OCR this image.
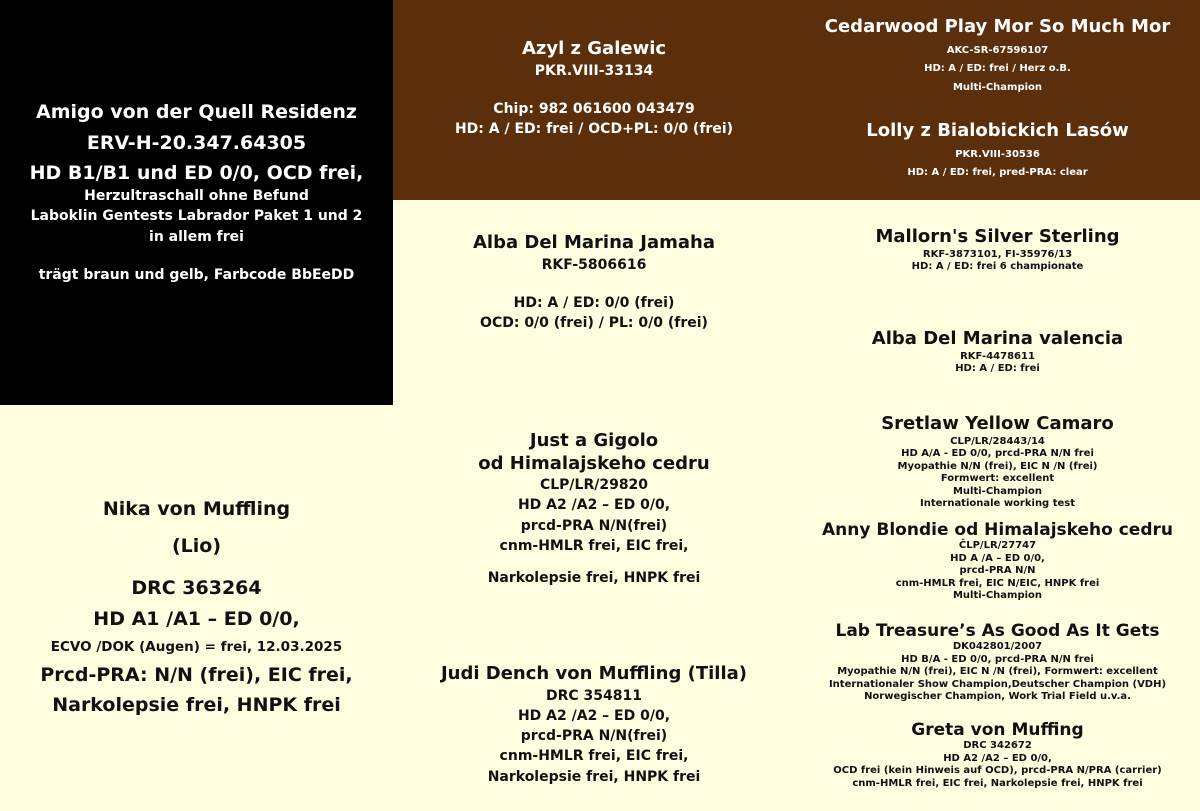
Amigo von der Quell Residenz
ERV-H-20.347.64305
HD B1/B1 und ED 0/0, OCD frei,
Herzultraschall ohne Befund
Laboklin Gentests Labrador Paket 1 und 2
in allem frei
trägt braun und gelb, Farbcode BbEeDD
Azyl z Galewic
PKR.VIII-33134
Chip: 982 061600 043479
HD: A / ED: frei / OCD+PL: 0/0 (frei)
Cedarwood Play Mor So Much Mor
AKC-SR-67596107
HD: A / ED: frei / Herz o.B.
Multi-Champion
Lolly z Bialobickich Lasów
PKR.VIII-30536
HD: A / ED: frei, pred-PRA: clear
Alba Del Marina Jamaha
RKF-5806616
HD: A / ED: 0/0 (frei)
OCD: 0/0 (frei) / PL: 0/0 (frei)
Mallorn's Silver Sterling
RKF-3873101, FI-35976/13
HD: A / ED: frei 6 championate
Alba Del Marina valencia
RKF-4478611
HD: A / ED: frei
Nika von Muffling
(Lio)
DRC 363264
HD A1 /A1 – ED 0/0,
ECVO /DOK (Augen) = frei, 12.03.2025
Prcd-PRA: N/N (frei), EIC frei,
Narkolepsie frei, HNPK frei
Just a Gigolo
od Himalajskeho cedru
CLP/LR/29820
HD A2 /A2 – ED 0/0,
prcd-PRA N/N(frei)
cnm-HMLR frei, EIC frei,
Narkolepsie frei, HNPK frei
Judi Dench von Muffling (Tilla)
DRC 354811
HD A2 /A2 – ED 0/0,
prcd-PRA N/N(frei)
cnm-HMLR frei, EIC frei,
Narkolepsie frei, HNPK frei
Sretlaw Yellow Camaro
CLP/LR/28443/14
HD A/A - ED 0/0, prcd-PRA N/N frei
Myopathie N/N (frei), EIC N /N (frei)
Formwert: excellent
Multi-Champion
Internationale working test
Anny Blondie od Himalajskeho cedru
ČLP/LR/27747
HD A /A – ED 0/0,
prcd-PRA N/N
cnm-HMLR frei, EIC N/EIC, HNPK frei
Multi-Champion
Lab Treasure’s As Good As It Gets
DK042801/2007
HD B/A - ED 0/0, prcd-PRA N/N frei
Myopathie N/N (frei), EIC N /N (frei), Formwert: excellent
Internationaler Show Champion,Deutscher Champion (VDH)
Norwegischer Champion, Work Trial Field u.v.a.
Greta von Muffing
DRC 342672
HD A2 /A2 – ED 0/0,
OCD frei (kein Hinweis auf OCD), prcd-PRA N/PRA (carrier)
cnm-HMLR frei, EIC frei, Narkolepsie frei, HNPK frei
